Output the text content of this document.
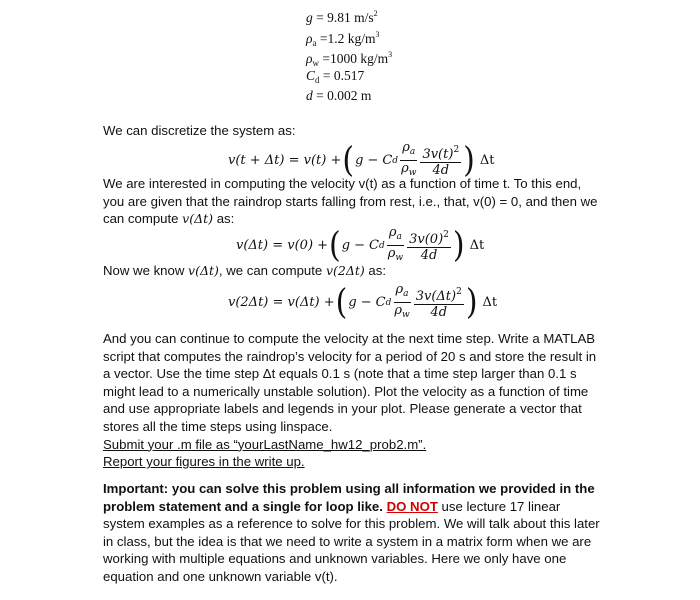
g = 9.81 $m/s^2$
$\rho_a =1.2$ $kg/m^3$
$\rho_w =1000$ $kg/m^3$
$C_d = 0.517$
d = 0.002 m

We can discretize the system as:

v(t + Δt) = v(t) + ( g − C d $\frac{\rho_a}{\rho_w} \frac{3v(t)^2}{4d}$ ) Δt

We are interested in computing the velocity v(t) as a function of time t. To this end, you are given that the raindrop starts falling from rest, i.e., that, v(0) = 0, and then we can compute v(Δt) as:

v(Δt) = v(0) + ( g − C d $\frac{\rho_a}{\rho_w} \frac{3v(0)^2}{4d}$ ) Δt

Now we know v(Δt), we can compute v(2Δt) as:

v(2Δt) = v(Δt) + ( g − C d $\frac{\rho_a}{\rho_w} \frac{3v(\Delta t)^2}{4d}$ ) Δt
And you can continue to compute the velocity at the next time step. Write a MATLAB script that computes the raindrop’s velocity for a period of 20 s and store the result in a vector. Use the time step Δt equals 0.1 s (note that a time step larger than 0.1 s might lead to a numerically unstable solution). Plot the velocity as a function of time and use appropriate labels and legends in your plot. Please generate a vector that stores all the time steps using linspace.
Submit your .m file as “yourLastName_hw12_prob2.m”.
Report your figures in the write up.

Important: you can solve this problem using all information we provided in the problem statement and a single for loop like. DO NOT use lecture 17 linear system examples as a reference to solve for this problem. We will talk about this later in class, but the idea is that we need to write a system in a matrix form when we are working with multiple equations and unknown variables. Here we only have one equation and one unknown variable v(t).
